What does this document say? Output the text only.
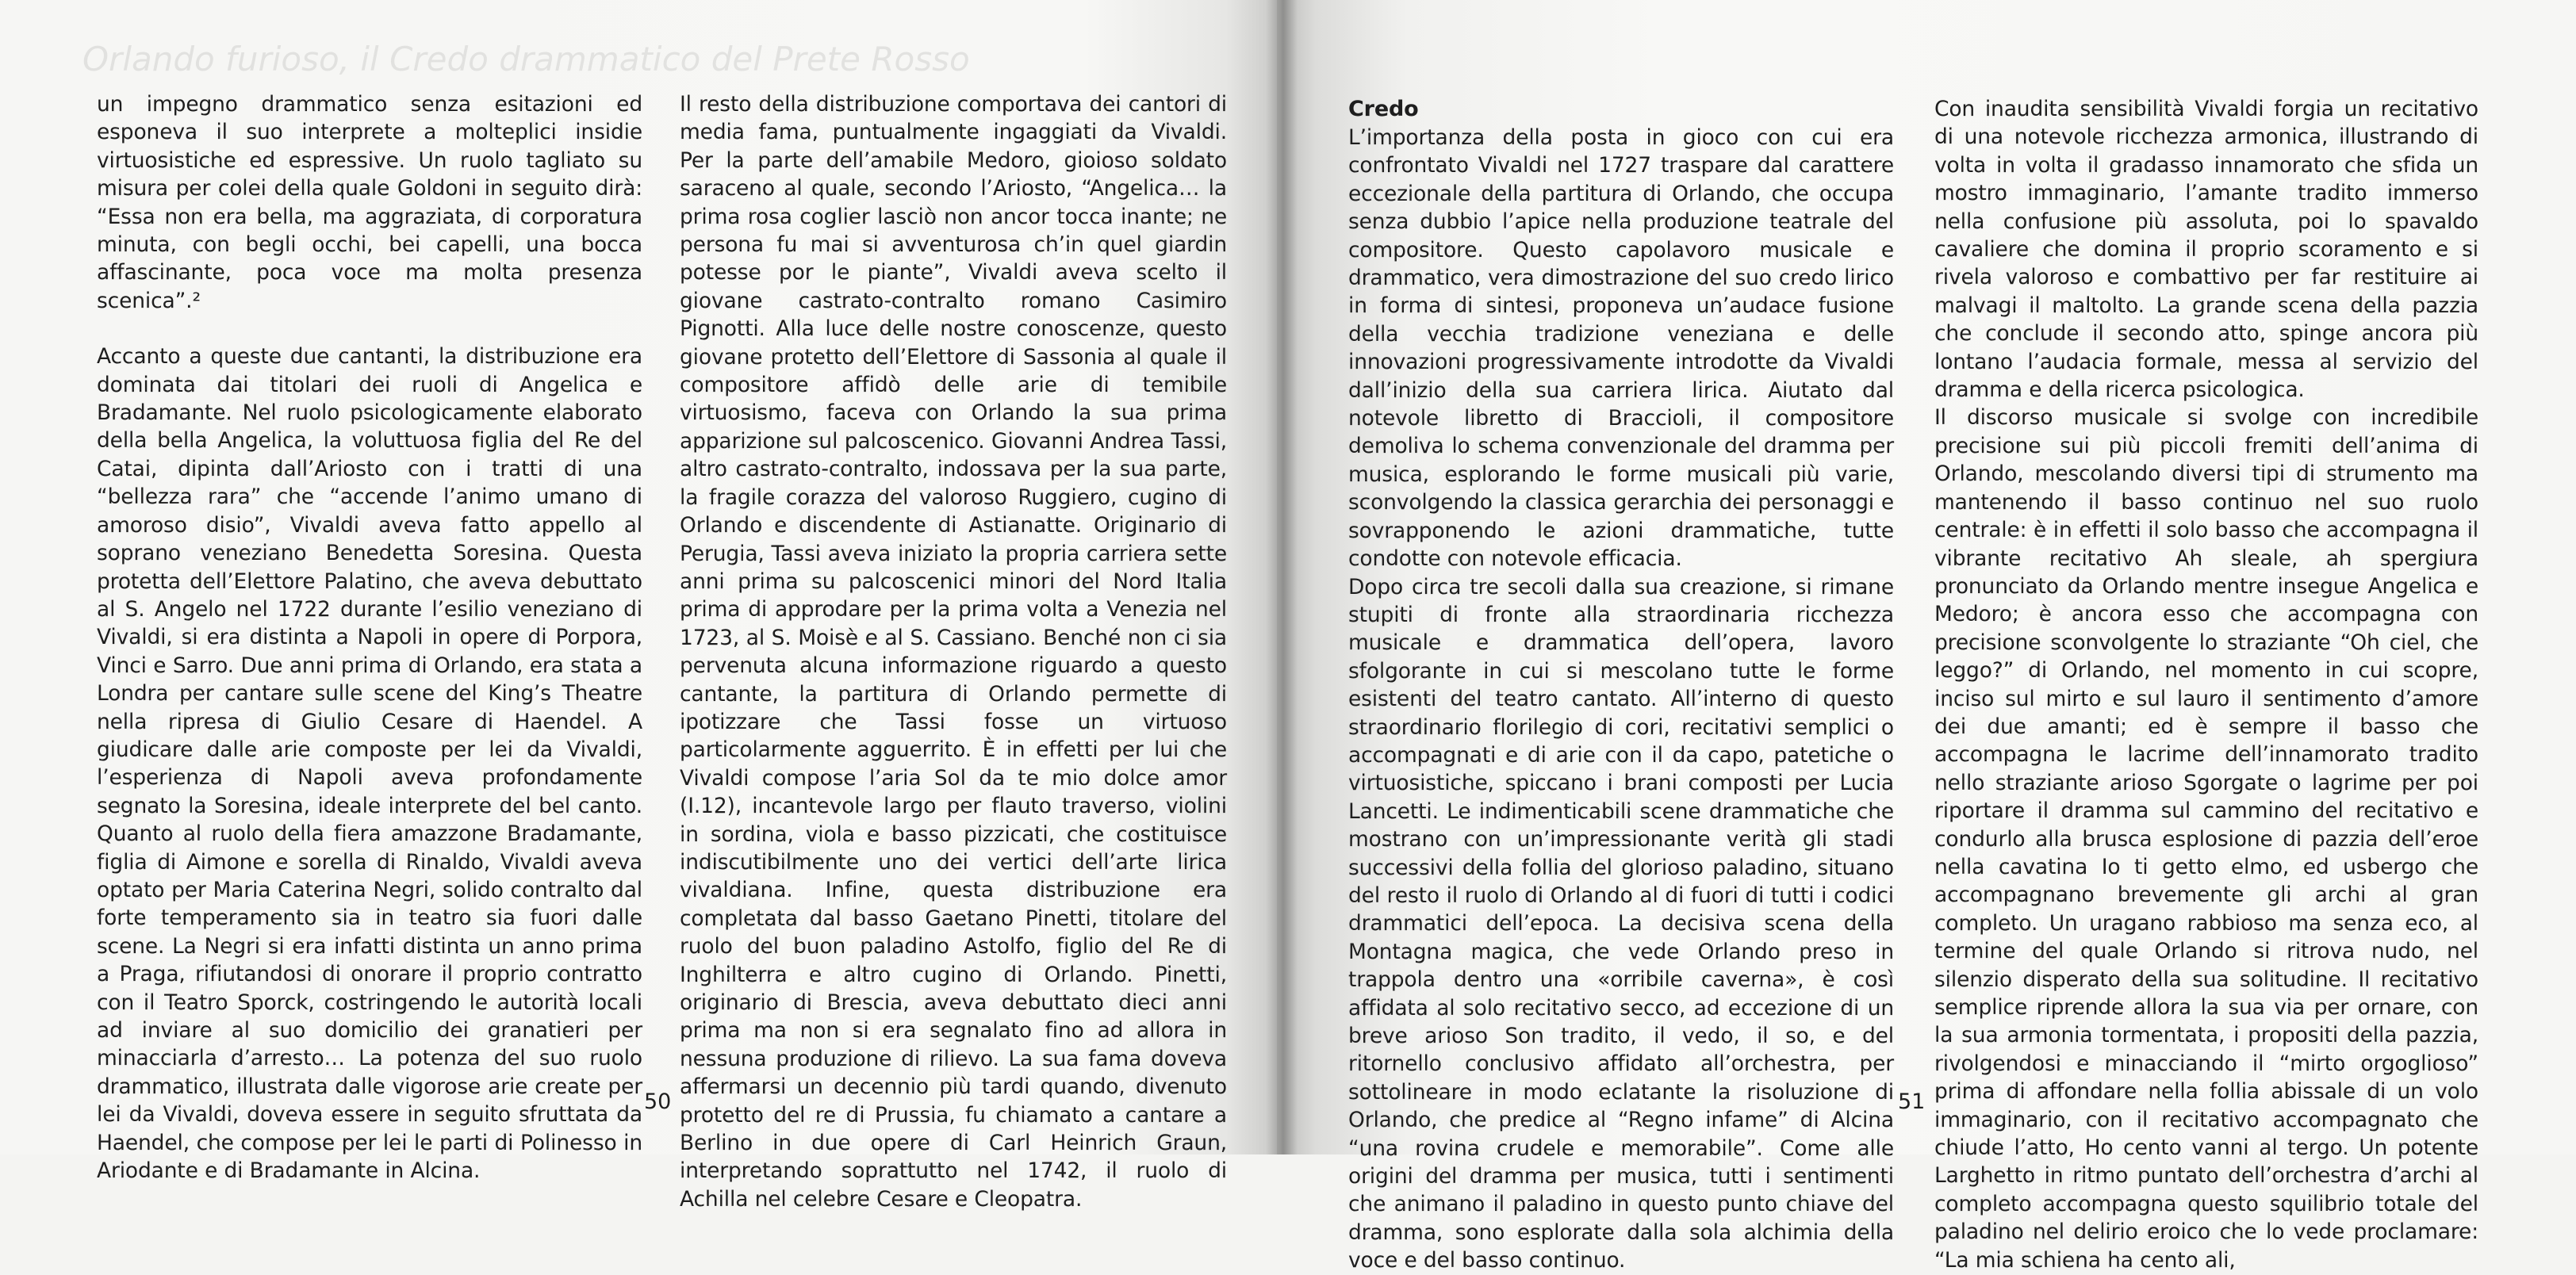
Orlando furioso, il Credo drammatico del Prete Rosso

un impegno drammatico senza esitazioni ed esponeva il suo interprete a molteplici insidie virtuosistiche ed espressive. Un ruolo tagliato su misura per colei della quale Goldoni in seguito dirà: “Essa non era bella, ma aggraziata, di corporatura minuta, con begli occhi, bei capelli, una bocca affascinante, poca voce ma molta presenza scenica”.²

Accanto a queste due cantanti, la distribuzione era dominata dai titolari dei ruoli di Angelica e Bradamante. Nel ruolo psicologicamente elaborato della bella Angelica, la voluttuosa figlia del Re del Catai, dipinta dall’Ariosto con i tratti di una “bellezza rara” che “accende l’animo umano di amoroso disio”, Vivaldi aveva fatto appello al soprano veneziano Benedetta Soresina. Questa protetta dell’Elettore Palatino, che aveva debuttato al S. Angelo nel 1722 durante l’esilio veneziano di Vivaldi, si era distinta a Napoli in opere di Porpora, Vinci e Sarro. Due anni prima di Orlando, era stata a Londra per cantare sulle scene del King’s Theatre nella ripresa di Giulio Cesare di Haendel. A giudicare dalle arie composte per lei da Vivaldi, l’esperienza di Napoli aveva profondamente segnato la Soresina, ideale interprete del bel canto. Quanto al ruolo della fiera amazzone Bradamante, figlia di Aimone e sorella di Rinaldo, Vivaldi aveva optato per Maria Caterina Negri, solido contralto dal forte temperamento sia in teatro sia fuori dalle scene. La Negri si era infatti distinta un anno prima a Praga, rifiutandosi di onorare il proprio contratto con il Teatro Sporck, costringendo le autorità locali ad inviare al suo domicilio dei granatieri per minacciarla d’arresto… La potenza del suo ruolo drammatico, illustrata dalle vigorose arie create per lei da Vivaldi, doveva essere in seguito sfruttata da Haendel, che compose per lei le parti di Polinesso in Ariodante e di Bradamante in Alcina.

Il resto della distribuzione comportava dei cantori di media fama, puntualmente ingaggiati da Vivaldi. Per la parte dell’amabile Medoro, gioioso soldato saraceno al quale, secondo l’Ariosto, “Angelica… la prima rosa coglier lasciò non ancor tocca inante; ne persona fu mai si avventurosa ch’in quel giardin potesse por le piante”, Vivaldi aveva scelto il giovane castrato-contralto romano Casimiro Pignotti. Alla luce delle nostre conoscenze, questo giovane protetto dell’Elettore di Sassonia al quale il compositore affidò delle arie di temibile virtuosismo, faceva con Orlando la sua prima apparizione sul palcoscenico. Giovanni Andrea Tassi, altro castrato-contralto, indossava per la sua parte, la fragile corazza del valoroso Ruggiero, cugino di Orlando e discendente di Astianatte. Originario di Perugia, Tassi aveva iniziato la propria carriera sette anni prima su palcoscenici minori del Nord Italia prima di approdare per la prima volta a Venezia nel 1723, al S. Moisè e al S. Cassiano. Benché non ci sia pervenuta alcuna informazione riguardo a questo cantante, la partitura di Orlando permette di ipotizzare che Tassi fosse un virtuoso particolarmente agguerrito. È in effetti per lui che Vivaldi compose l’aria Sol da te mio dolce amor (I.12), incantevole largo per flauto traverso, violini in sordina, viola e basso pizzicati, che costituisce indiscutibilmente uno dei vertici dell’arte lirica vivaldiana. Infine, questa distribuzione era completata dal basso Gaetano Pinetti, titolare del ruolo del buon paladino Astolfo, figlio del Re di Inghilterra e altro cugino di Orlando. Pinetti, originario di Brescia, aveva debuttato dieci anni prima ma non si era segnalato fino ad allora in nessuna produzione di rilievo. La sua fama doveva affermarsi un decennio più tardi quando, divenuto protetto del re di Prussia, fu chiamato a cantare a Berlino in due opere di Carl Heinrich Graun, interpretando soprattutto nel 1742, il ruolo di Achilla nel celebre Cesare e Cleopatra.

50

Credo

L’importanza della posta in gioco con cui era confrontato Vivaldi nel 1727 traspare dal carattere eccezionale della partitura di Orlando, che occupa senza dubbio l’apice nella produzione teatrale del compositore. Questo capolavoro musicale e drammatico, vera dimostrazione del suo credo lirico in forma di sintesi, proponeva un’audace fusione della vecchia tradizione veneziana e delle innovazioni progressivamente introdotte da Vivaldi dall’inizio della sua carriera lirica. Aiutato dal notevole libretto di Braccioli, il compositore demoliva lo schema convenzionale del dramma per musica, esplorando le forme musicali più varie, sconvolgendo la classica gerarchia dei personaggi e sovrapponendo le azioni drammatiche, tutte condotte con notevole efficacia.

Dopo circa tre secoli dalla sua creazione, si rimane stupiti di fronte alla straordinaria ricchezza musicale e drammatica dell’opera, lavoro sfolgorante in cui si mescolano tutte le forme esistenti del teatro cantato. All’interno di questo straordinario florilegio di cori, recitativi semplici o accompagnati e di arie con il da capo, patetiche o virtuosistiche, spiccano i brani composti per Lucia Lancetti. Le indimenticabili scene drammatiche che mostrano con un’impressionante verità gli stadi successivi della follia del glorioso paladino, situano del resto il ruolo di Orlando al di fuori di tutti i codici drammatici dell’epoca. La decisiva scena della Montagna magica, che vede Orlando preso in trappola dentro una «orribile caverna», è così affidata al solo recitativo secco, ad eccezione di un breve arioso Son tradito, il vedo, il so, e del ritornello conclusivo affidato all’orchestra, per sottolineare in modo eclatante la risoluzione di Orlando, che predice al “Regno infame” di Alcina “una rovina crudele e memorabile”. Come alle origini del dramma per musica, tutti i sentimenti che animano il paladino in questo punto chiave del dramma, sono esplorate dalla sola alchimia della voce e del basso continuo.

Con inaudita sensibilità Vivaldi forgia un recitativo di una notevole ricchezza armonica, illustrando di volta in volta il gradasso innamorato che sfida un mostro immaginario, l’amante tradito immerso nella confusione più assoluta, poi lo spavaldo cavaliere che domina il proprio scoramento e si rivela valoroso e combattivo per far restituire ai malvagi il maltolto. La grande scena della pazzia che conclude il secondo atto, spinge ancora più lontano l’audacia formale, messa al servizio del dramma e della ricerca psicologica.

Il discorso musicale si svolge con incredibile precisione sui più piccoli fremiti dell’anima di Orlando, mescolando diversi tipi di strumento ma mantenendo il basso continuo nel suo ruolo centrale: è in effetti il solo basso che accompagna il vibrante recitativo Ah sleale, ah spergiura pronunciato da Orlando mentre insegue Angelica e Medoro; è ancora esso che accompagna con precisione sconvolgente lo straziante “Oh ciel, che leggo?” di Orlando, nel momento in cui scopre, inciso sul mirto e sul lauro il sentimento d’amore dei due amanti; ed è sempre il basso che accompagna le lacrime dell’innamorato tradito nello straziante arioso Sgorgate o lagrime per poi riportare il dramma sul cammino del recitativo e condurlo alla brusca esplosione di pazzia dell’eroe nella cavatina Io ti getto elmo, ed usbergo che accompagnano brevemente gli archi al gran completo. Un uragano rabbioso ma senza eco, al termine del quale Orlando si ritrova nudo, nel silenzio disperato della sua solitudine. Il recitativo semplice riprende allora la sua via per ornare, con la sua armonia tormentata, i propositi della pazzia, rivolgendosi e minacciando il “mirto orgoglioso” prima di affondare nella follia abissale di un volo immaginario, con il recitativo accompagnato che chiude l’atto, Ho cento vanni al tergo. Un potente Larghetto in ritmo puntato dell’orchestra d’archi al completo accompagna questo squilibrio totale del paladino nel delirio eroico che lo vede proclamare: “La mia schiena ha cento ali,

51
